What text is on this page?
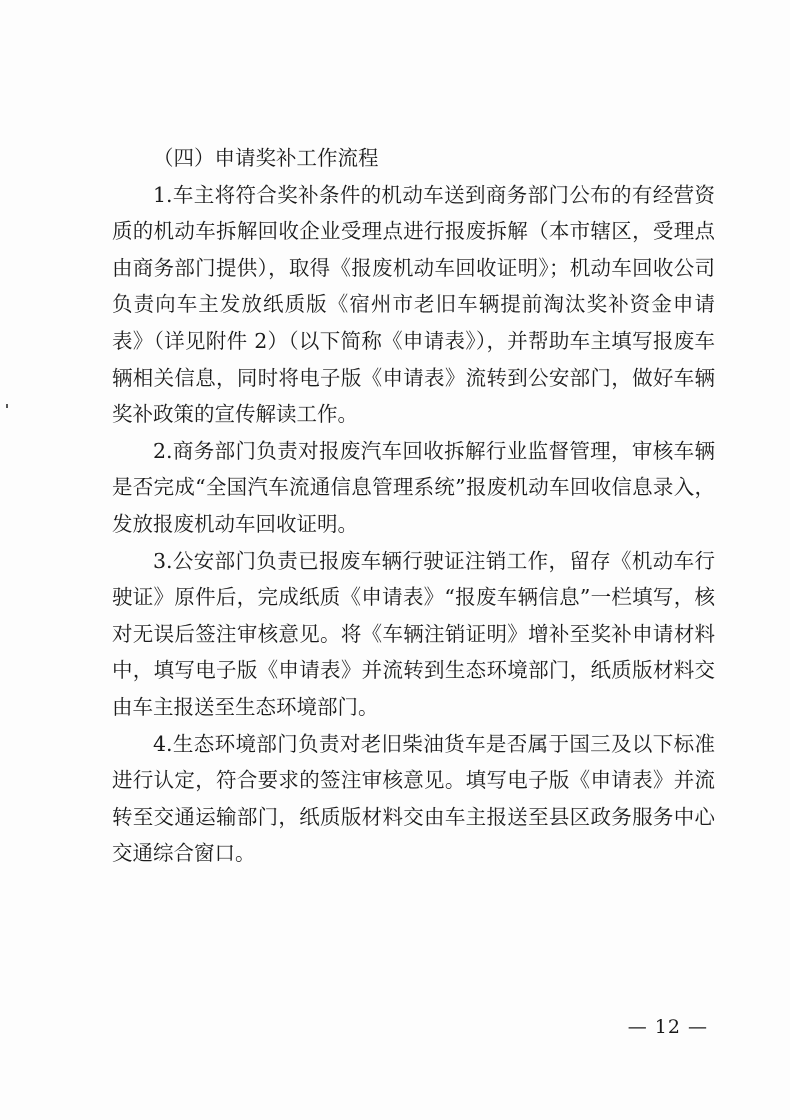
（四）申请奖补工作流程

1.车主将符合奖补条件的机动车送到商务部门公布的有经营资质的机动车拆解回收企业受理点进行报废拆解（本市辖区，受理点由商务部门提供），取得《报废机动车回收证明》；机动车回收公司负责向车主发放纸质版《宿州市老旧车辆提前淘汰奖补资金申请表》（详见附件 2）（以下简称《申请表》），并帮助车主填写报废车辆相关信息，同时将电子版《申请表》流转到公安部门，做好车辆奖补政策的宣传解读工作。

2.商务部门负责对报废汽车回收拆解行业监督管理，审核车辆是否完成“全国汽车流通信息管理系统”报废机动车回收信息录入，发放报废机动车回收证明。

3.公安部门负责已报废车辆行驶证注销工作，留存《机动车行驶证》原件后，完成纸质《申请表》“报废车辆信息”一栏填写，核对无误后签注审核意见。将《车辆注销证明》增补至奖补申请材料中，填写电子版《申请表》并流转到生态环境部门，纸质版材料交由车主报送至生态环境部门。

4.生态环境部门负责对老旧柴油货车是否属于国三及以下标准进行认定，符合要求的签注审核意见。填写电子版《申请表》并流转至交通运输部门，纸质版材料交由车主报送至县区政务服务中心交通综合窗口。

— 12 —
